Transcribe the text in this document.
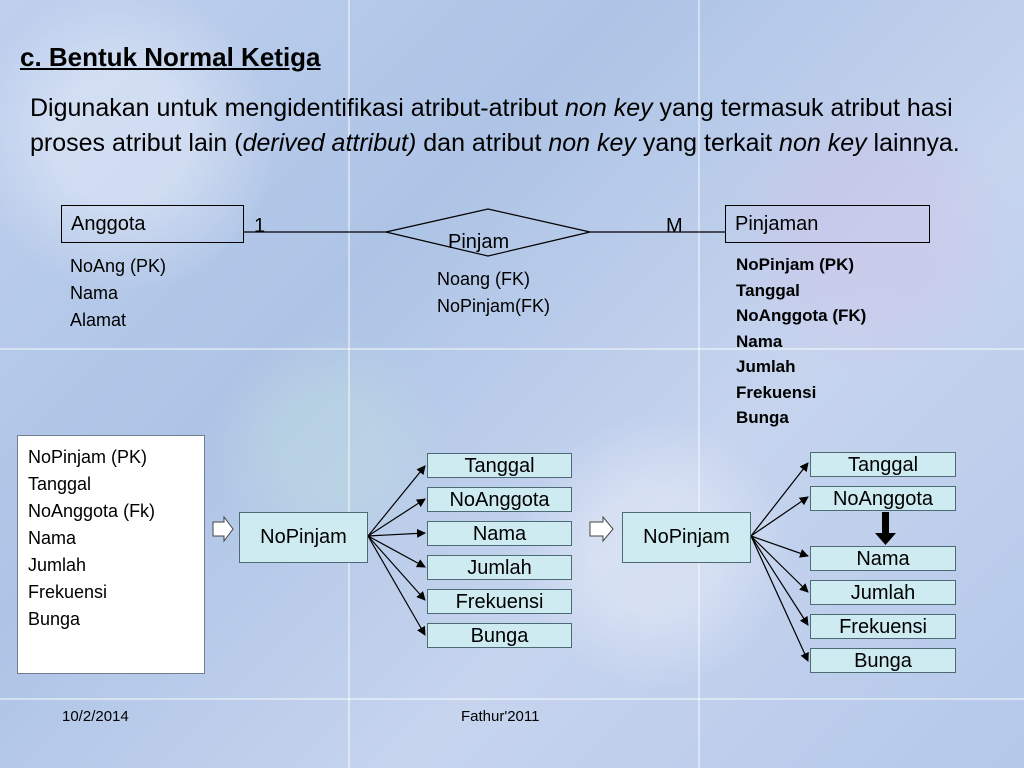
c. Bentuk Normal Ketiga

Digunakan untuk mengidentifikasi atribut-atribut non key yang termasuk atribut hasi proses atribut lain (derived attribut) dan atribut non key yang terkait non key lainnya.

Anggota	Pinjaman
Pinjam
1	M
NoAng (PK)
Nama
Alamat
Noang (FK)
NoPinjam(FK)
NoPinjam (PK)
Tanggal
NoAnggota (FK)
Nama
Jumlah
Frekuensi
Bunga
NoPinjam (PK)
Tanggal
NoAnggota (Fk)
Nama
Jumlah
Frekuensi
Bunga
NoPinjam	NoPinjam
Tanggal
NoAnggota
Nama
Jumlah
Frekuensi
Bunga
Tanggal
NoAnggota
Nama
Jumlah
Frekuensi
Bunga
10/2/2014	Fathur'2011
